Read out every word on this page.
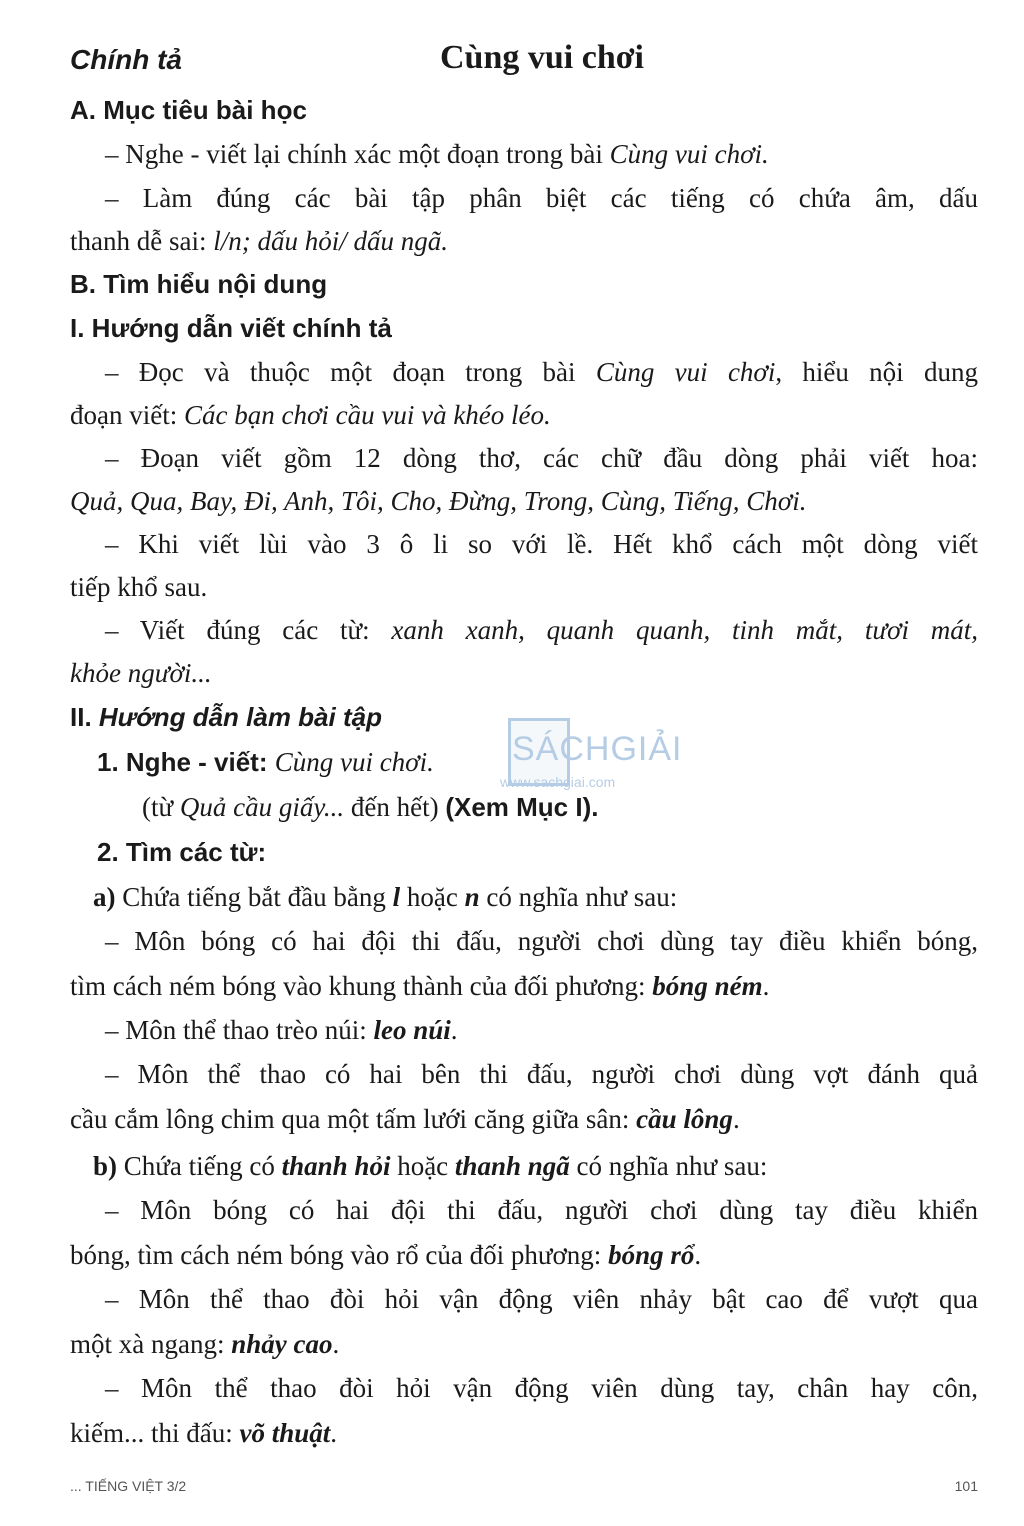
Chính tả	Cùng vui chơi
A. Mục tiêu bài học
– Nghe - viết lại chính xác một đoạn trong bài Cùng vui chơi.
– Làm đúng các bài tập phân biệt các tiếng có chứa âm, dấu
thanh dễ sai: l/n; dấu hỏi/ dấu ngã.
B. Tìm hiểu nội dung
I. Hướng dẫn viết chính tả
– Đọc và thuộc một đoạn trong bài Cùng vui chơi, hiểu nội dung
đoạn viết: Các bạn chơi cầu vui và khéo léo.
– Đoạn viết gồm 12 dòng thơ, các chữ đầu dòng phải viết hoa:
Quả, Qua, Bay, Đi, Anh, Tôi, Cho, Đừng, Trong, Cùng, Tiếng, Chơi.
– Khi viết lùi vào 3 ô li so với lề. Hết khổ cách một dòng viết
tiếp khổ sau.
– Viết đúng các từ: xanh xanh, quanh quanh, tinh mắt, tươi mát,
khỏe người...
II. Hướng dẫn làm bài tập
1. Nghe - viết: Cùng vui chơi.
(từ Quả cầu giấy... đến hết) (Xem Mục I).
2. Tìm các từ:
a) Chứa tiếng bắt đầu bằng l hoặc n có nghĩa như sau:
– Môn bóng có hai đội thi đấu, người chơi dùng tay điều khiển bóng,
tìm cách ném bóng vào khung thành của đối phương: bóng ném.
– Môn thể thao trèo núi: leo núi.
– Môn thể thao có hai bên thi đấu, người chơi dùng vợt đánh quả
cầu cắm lông chim qua một tấm lưới căng giữa sân: cầu lông.
b) Chứa tiếng có thanh hỏi hoặc thanh ngã có nghĩa như sau:
– Môn bóng có hai đội thi đấu, người chơi dùng tay điều khiển
bóng, tìm cách ném bóng vào rổ của đối phương: bóng rổ.
– Môn thể thao đòi hỏi vận động viên nhảy bật cao để vượt qua
một xà ngang: nhảy cao.
– Môn thể thao đòi hỏi vận động viên dùng tay, chân hay côn,
kiếm... thi đấu: võ thuật.
SÁCHGIẢI
www.sachgiai.com
... TIẾNG VIỆT 3/2	101
